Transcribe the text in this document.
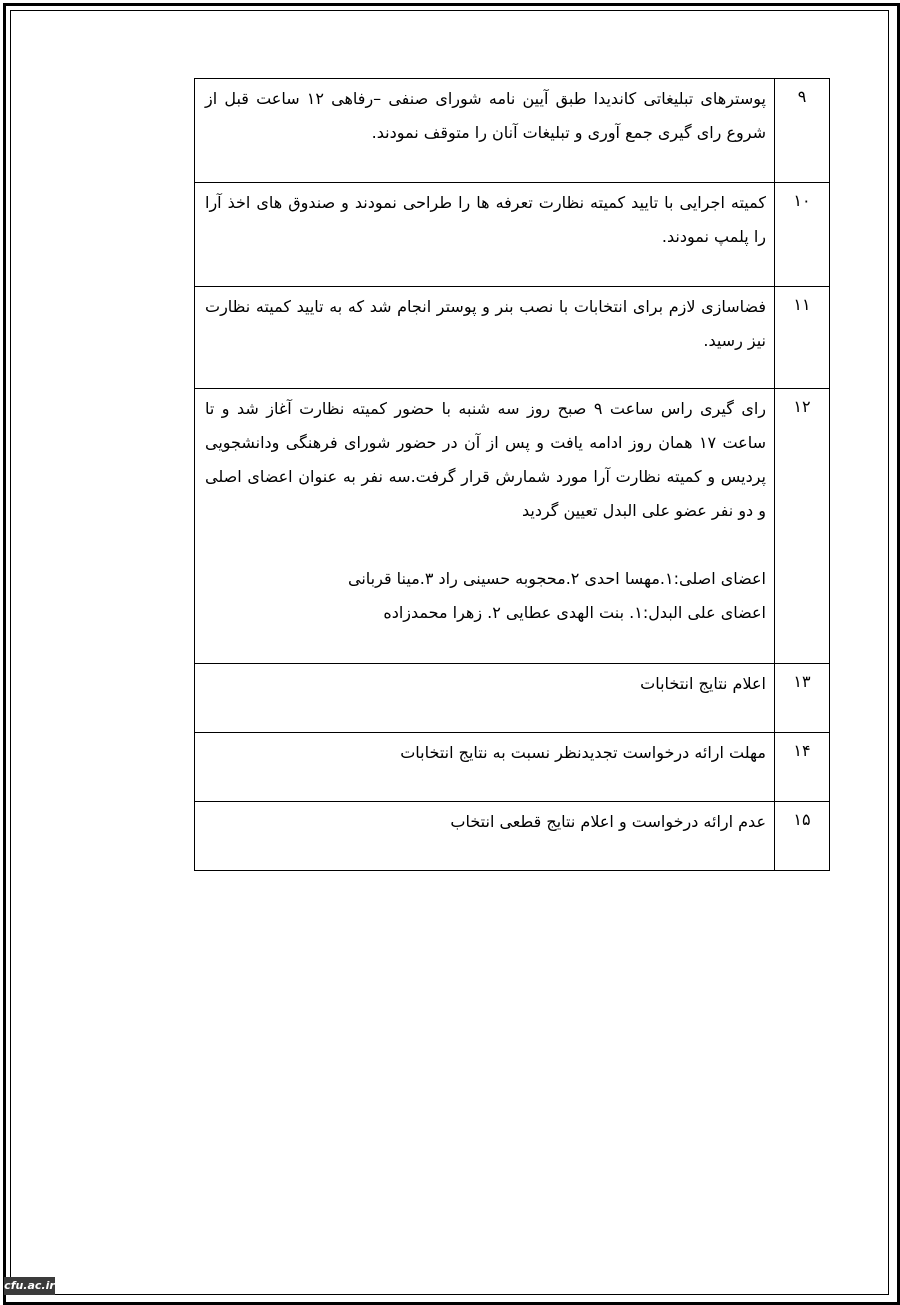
۹	پوسترهای تبلیغاتی کاندیدا طبق آیین نامه شورای صنفی –رفاهی ۱۲ ساعت قبل از شروع رای گیری جمع آوری و تبلیغات آنان را متوقف نمودند.

۱۰	کمیته اجرایی با تایید کمیته نظارت تعرفه ها را طراحی نمودند و صندوق های اخذ آرا را پلمپ نمودند.

۱۱	فضاسازی لازم برای انتخابات با نصب بنر و پوستر انجام شد که به تایید کمیته نظارت نیز رسید.

۱۲	رای گیری راس ساعت ۹ صبح روز سه شنبه با حضور کمیته نظارت آغاز شد و تا ساعت ۱۷ همان روز ادامه یافت و پس از آن در حضور شورای فرهنگی ودانشجویی پردیس و کمیته نظارت آرا مورد شمارش قرار گرفت.سه نفر به عنوان اعضای اصلی و دو نفر عضو علی البدل تعیین گردید

اعضای اصلی:۱.مهسا احدی ۲.محجوبه حسینی راد ۳.مینا قربانی

اعضای علی البدل:۱. بنت الهدی عطایی ۲. زهرا محمدزاده

۱۳	اعلام نتایج انتخابات

۱۴	مهلت ارائه درخواست تجدیدنظر نسبت به نتایج انتخابات

۱۵	عدم ارائه درخواست و اعلام نتایج قطعی انتخاب

cfu.ac.ir
